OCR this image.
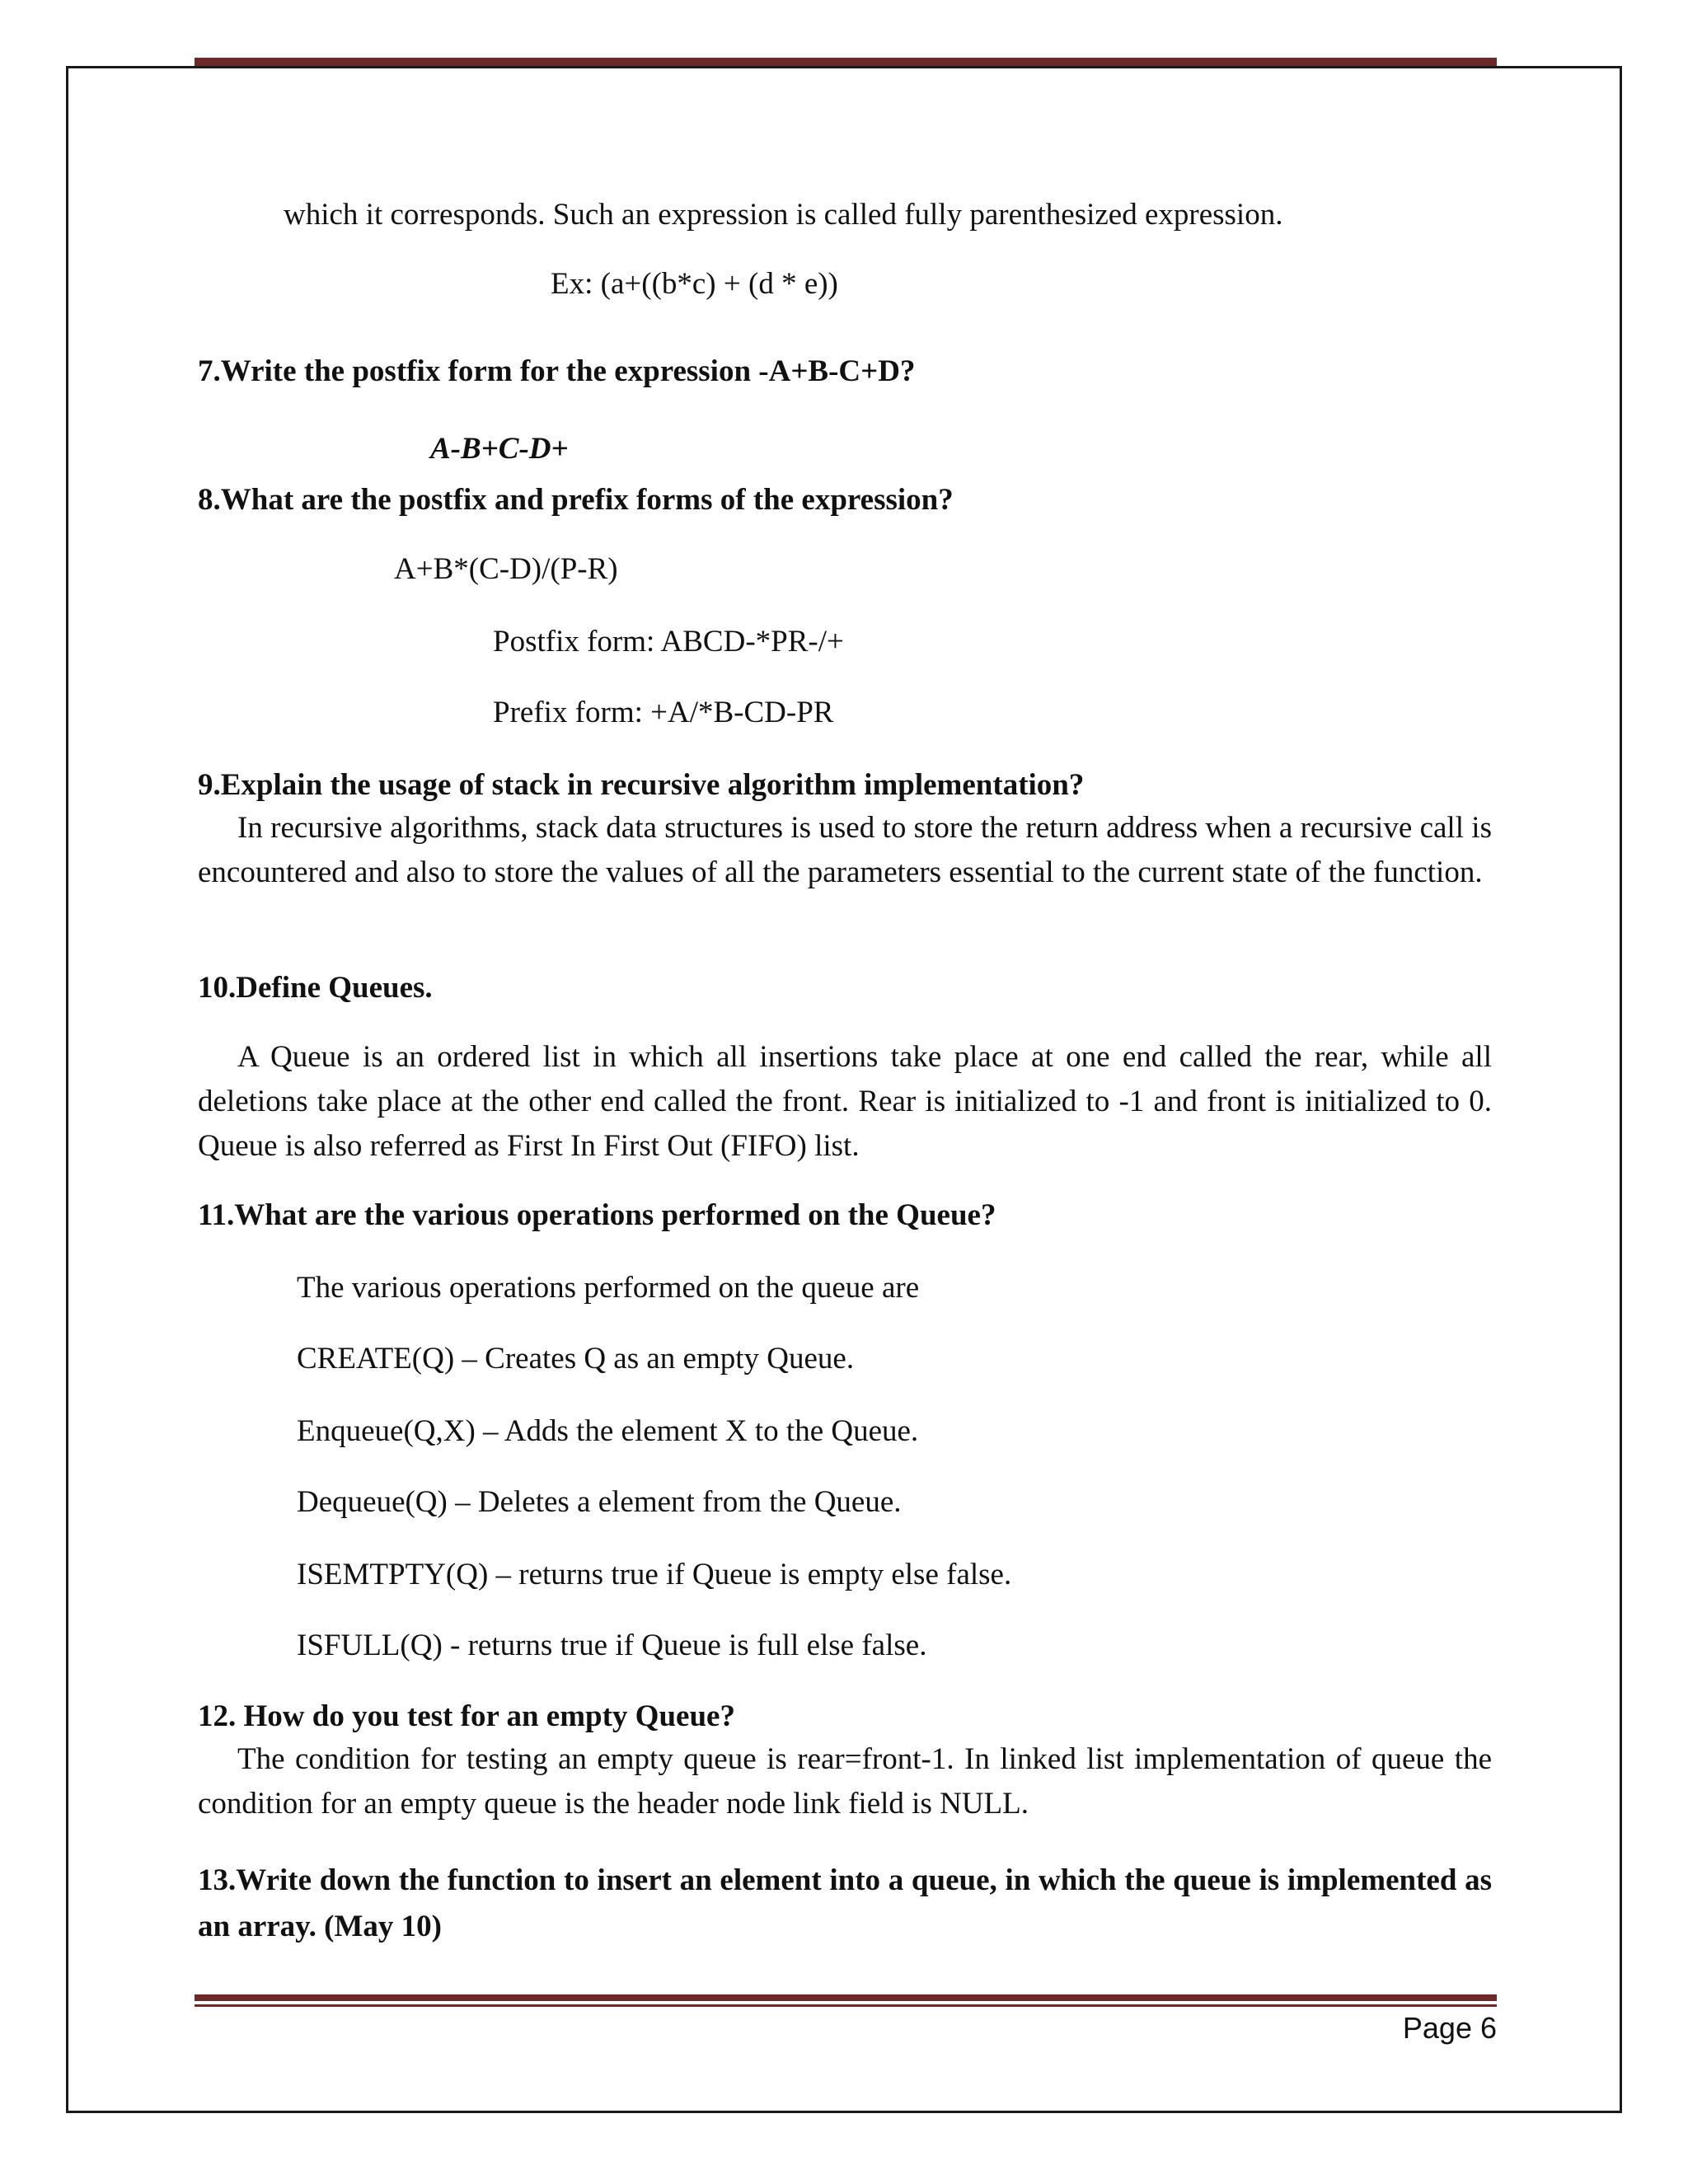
which it corresponds. Such an expression is called fully parenthesized expression.
Ex: (a+((b*c) + (d * e))
7.Write the postfix form for the expression -A+B-C+D?
A-B+C-D+
8.What are the postfix and prefix forms of the expression?
A+B*(C-D)/(P-R)
Postfix form: ABCD-*PR-/+
Prefix form: +A/*B-CD-PR
9.Explain the usage of stack in recursive algorithm implementation?
In recursive algorithms, stack data structures is used to store the return address when a recursive call is encountered and also to store the values of all the parameters essential to the current state of the function.
10.Define Queues.
A Queue is an ordered list in which all insertions take place at one end called the rear, while all deletions take place at the other end called the front. Rear is initialized to -1 and front is initialized to 0. Queue is also referred as First In First Out (FIFO) list.
11.What are the various operations performed on the Queue?
The various operations performed on the queue are
CREATE(Q) – Creates Q as an empty Queue.
Enqueue(Q,X) – Adds the element X to the Queue.
Dequeue(Q) – Deletes a element from the Queue.
ISEMTPTY(Q) – returns true if Queue is empty else false.
ISFULL(Q) - returns true if Queue is full else false.
12. How do you test for an empty Queue?
The condition for testing an empty queue is rear=front-1. In linked list implementation of queue the condition for an empty queue is the header node link field is NULL.
13.Write down the function to insert an element into a queue, in which the queue is implemented as an array. (May 10)
Page 6
